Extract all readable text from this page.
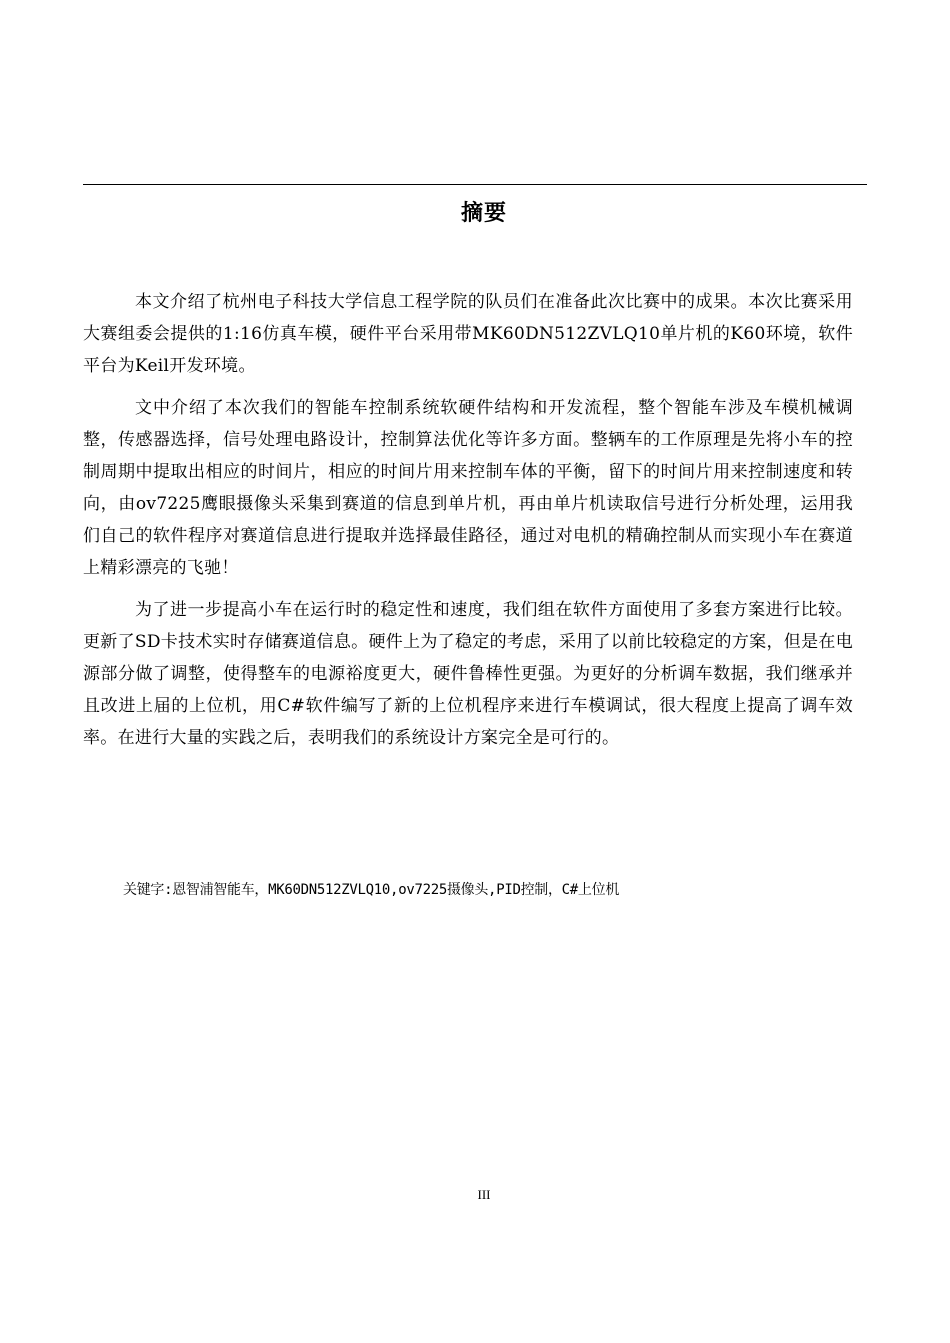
摘要

本文介绍了杭州电子科技大学信息工程学院的队员们在准备此次比赛中的成果。本次比赛采用大赛组委会提供的1:16仿真车模，硬件平台采用带MK60DN512ZVLQ10单片机的K60环境，软件平台为Keil开发环境。

文中介绍了本次我们的智能车控制系统软硬件结构和开发流程，整个智能车涉及车模机械调整，传感器选择，信号处理电路设计，控制算法优化等许多方面。整辆车的工作原理是先将小车的控制周期中提取出相应的时间片，相应的时间片用来控制车体的平衡，留下的时间片用来控制速度和转向，由ov7225鹰眼摄像头采集到赛道的信息到单片机，再由单片机读取信号进行分析处理，运用我们自己的软件程序对赛道信息进行提取并选择最佳路径，通过对电机的精确控制从而实现小车在赛道上精彩漂亮的飞驰！

为了进一步提高小车在运行时的稳定性和速度，我们组在软件方面使用了多套方案进行比较。更新了SD卡技术实时存储赛道信息。硬件上为了稳定的考虑，采用了以前比较稳定的方案，但是在电源部分做了调整，使得整车的电源裕度更大，硬件鲁棒性更强。为更好的分析调车数据，我们继承并且改进上届的上位机，用C#软件编写了新的上位机程序来进行车模调试，很大程度上提高了调车效率。在进行大量的实践之后，表明我们的系统设计方案完全是可行的。

关键字:恩智浦智能车，MK60DN512ZVLQ10,ov7225摄像头,PID控制，C#上位机
III
